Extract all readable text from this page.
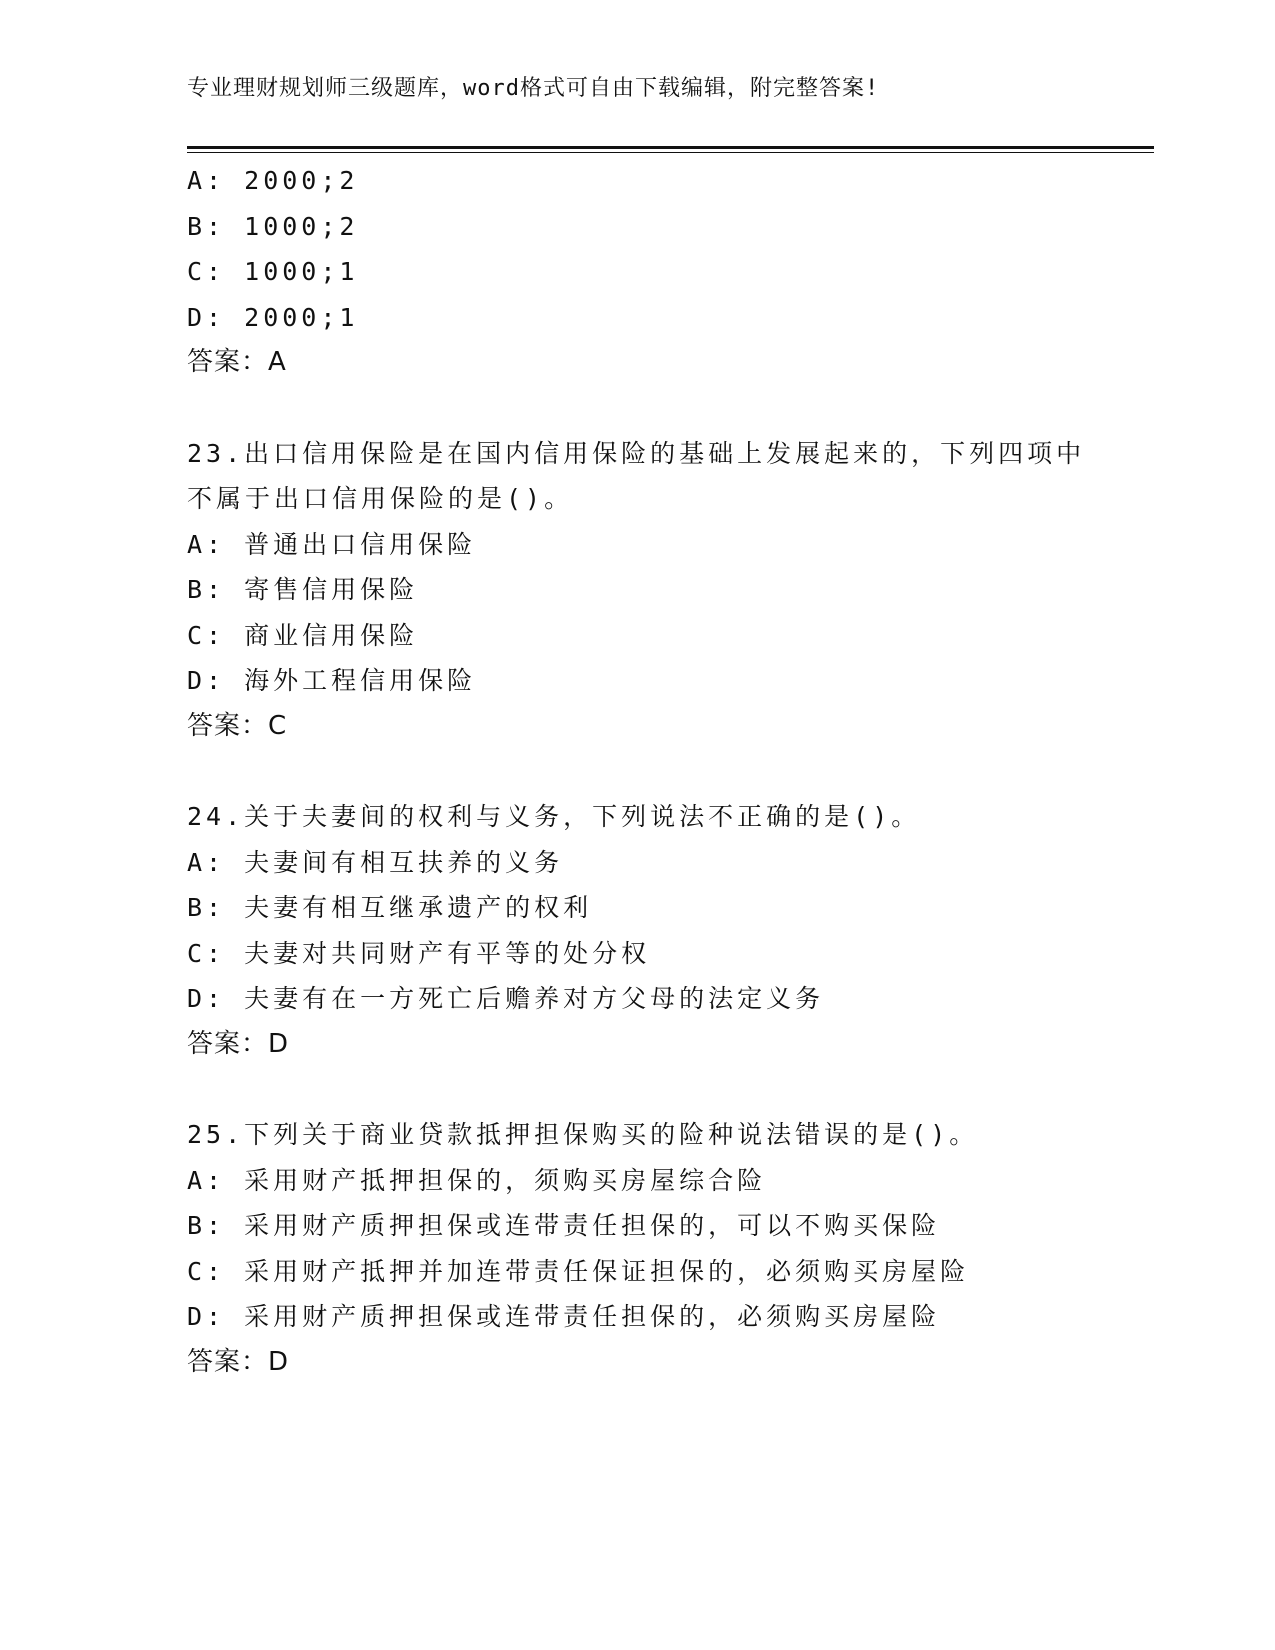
专业理财规划师三级题库，word格式可自由下载编辑，附完整答案!
A: 2000;2
B: 1000;2
C: 1000;1
D: 2000;1
答案：A
23.出口信用保险是在国内信用保险的基础上发展起来的，下列四项中
不属于出口信用保险的是()。
A: 普通出口信用保险
B: 寄售信用保险
C: 商业信用保险
D: 海外工程信用保险
答案：C
24.关于夫妻间的权利与义务，下列说法不正确的是()。
A: 夫妻间有相互扶养的义务
B: 夫妻有相互继承遗产的权利
C: 夫妻对共同财产有平等的处分权
D: 夫妻有在一方死亡后赡养对方父母的法定义务
答案：D
25.下列关于商业贷款抵押担保购买的险种说法错误的是()。
A: 采用财产抵押担保的，须购买房屋综合险
B: 采用财产质押担保或连带责任担保的，可以不购买保险
C: 采用财产抵押并加连带责任保证担保的，必须购买房屋险
D: 采用财产质押担保或连带责任担保的，必须购买房屋险
答案：D
